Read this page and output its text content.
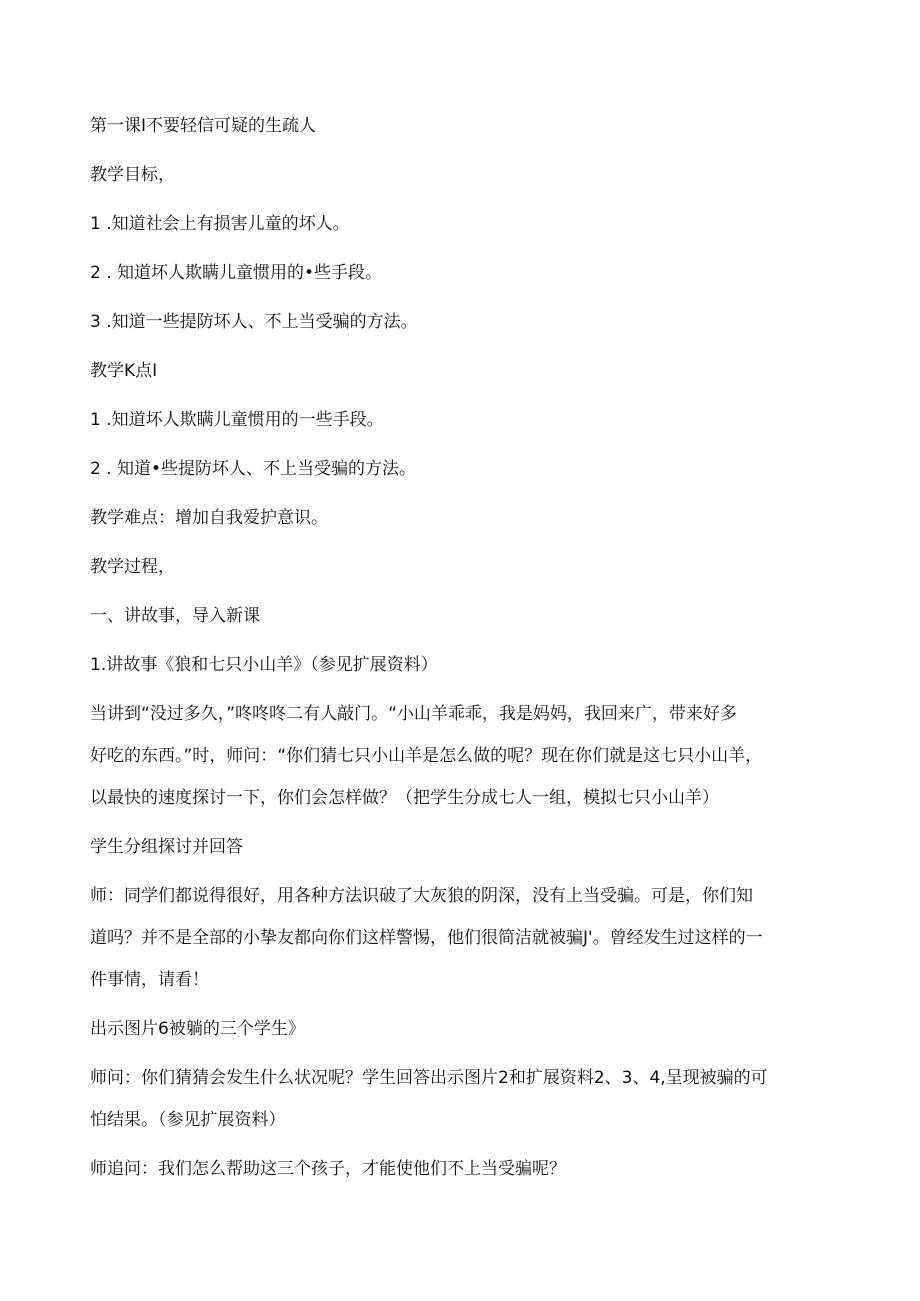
第一课I不要轻信可疑的生疏人

教学目标，

1 .知道社会上有损害儿童的坏人。

2 . 知道坏人欺瞒儿童惯用的•些手段。

3 .知道一些提防坏人、不上当受骗的方法。

教学K点I

1 .知道坏人欺瞒儿童惯用的一些手段。

2 . 知道•些提防坏人、不上当受骗的方法。

教学难点：增加自我爱护意识。

教学过程，

一、讲故事，导入新课

1.讲故事《狼和七只小山羊》（参见扩展资料）

当讲到“没过多久，”咚咚咚二有人敲门。“小山羊乖乖，我是妈妈，我回来广，带来好多

好吃的东西。”时，师问：“你们猜七只小山羊是怎么做的呢？现在你们就是这七只小山羊，

以最快的速度探讨一下，你们会怎样做？（把学生分成七人一组，模拟七只小山羊）

学生分组探讨并回答

师：同学们都说得很好，用各种方法识破了大灰狼的阴深，没有上当受骗。可是，你们知

道吗？并不是全部的小挚友都向你们这样警惕，他们很简洁就被骗J'。曾经发生过这样的一

件事情，请看！

出示图片6被躺的三个学生》

师问：你们猜猜会发生什么状况呢？学生回答出示图片2和扩展资料2、3、4,呈现被骗的可

怕结果。（参见扩展资料）

师追问：我们怎么帮助这三个孩子，才能使他们不上当受骗呢？
